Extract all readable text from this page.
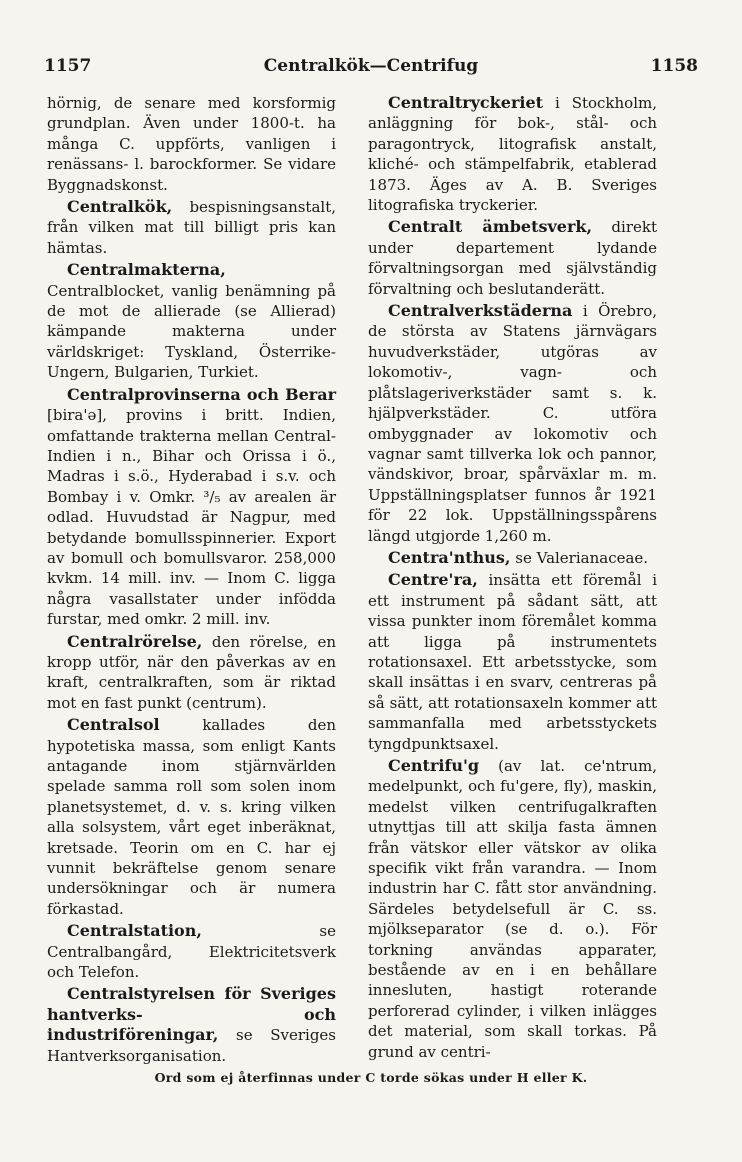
1157	Centralkök—Centrifug	1158

hörnig, de senare med korsformig grundplan. Även under 1800-t. ha många C. uppförts, vanligen i renässans- l. barockformer. Se vidare Byggnadskonst.

Centralkök, bespisningsanstalt, från vilken mat till billigt pris kan hämtas.

Centralmakterna, Centralblocket, vanlig benämning på de mot de allierade (se Allierad) kämpande makterna under världskriget: Tyskland, Österrike-Ungern, Bulgarien, Turkiet.

Centralprovinserna och Berar [bira'ə], provins i britt. Indien, omfattande trakterna mellan Central-Indien i n., Bihar och Orissa i ö., Madras i s.ö., Hyderabad i s.v. och Bombay i v. Omkr. ³/₅ av arealen är odlad. Huvudstad är Nagpur, med betydande bomullsspinnerier. Export av bomull och bomullsvaror. 258,000 kvkm. 14 mill. inv. — Inom C. ligga några vasallstater under infödda furstar, med omkr. 2 mill. inv.

Centralrörelse, den rörelse, en kropp utför, när den påverkas av en kraft, centralkraften, som är riktad mot en fast punkt (centrum).

Centralsol kallades den hypotetiska massa, som enligt Kants antagande inom stjärnvärlden spelade samma roll som solen inom planetsystemet, d. v. s. kring vilken alla solsystem, vårt eget inberäknat, kretsade. Teorin om en C. har ej vunnit bekräftelse genom senare undersökningar och är numera förkastad.

Centralstation, se Centralbangård, Elektricitetsverk och Telefon.

Centralstyrelsen för Sveriges hantverks- och industriföreningar, se Sveriges Hantverksorganisation.

Centraltryckeriet i Stockholm, anläggning för bok-, stål- och paragontryck, litografisk anstalt, kliché- och stämpelfabrik, etablerad 1873. Äges av A. B. Sveriges litografiska tryckerier.

Centralt ämbetsverk, direkt under departement lydande förvaltningsorgan med självständig förvaltning och beslutanderätt.

Centralverkstäderna i Örebro, de största av Statens järnvägars huvudverkstäder, utgöras av lokomotiv-, vagn- och plåtslageriverkstäder samt s. k. hjälpverkstäder. C. utföra ombyggnader av lokomotiv och vagnar samt tillverka lok och pannor, vändskivor, broar, spårväxlar m. m. Uppställningsplatser funnos år 1921 för 22 lok. Uppställningsspårens längd utgjorde 1,260 m.

Centra'nthus, se Valerianaceae.

Centre'ra, insätta ett föremål i ett instrument på sådant sätt, att vissa punkter inom föremålet komma att ligga på instrumentets rotationsaxel. Ett arbetsstycke, som skall insättas i en svarv, centreras på så sätt, att rotationsaxeln kommer att sammanfalla med arbetsstyckets tyngdpunktsaxel.

Centrifu'g (av lat. ce'ntrum, medelpunkt, och fu'gere, fly), maskin, medelst vilken centrifugalkraften utnyttjas till att skilja fasta ämnen från vätskor eller vätskor av olika specifik vikt från varandra. — Inom industrin har C. fått stor användning. Särdeles betydelsefull är C. ss. mjölkseparator (se d. o.). För torkning användas apparater, bestående av en i en behållare innesluten, hastigt roterande perforerad cylinder, i vilken inlägges det material, som skall torkas. På grund av centri-

Ord som ej återfinnas under C torde sökas under H eller K.
